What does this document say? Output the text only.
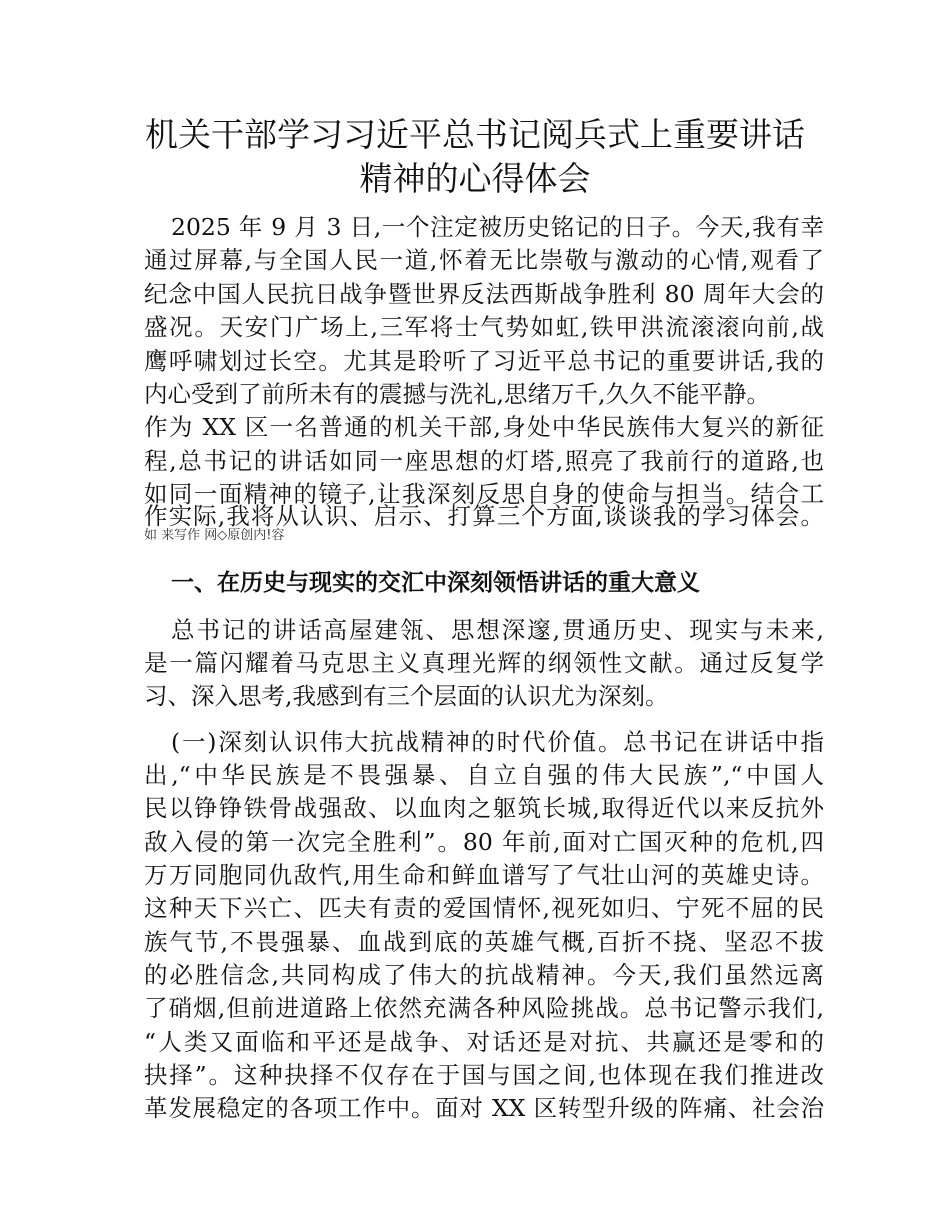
机关干部学习习近平总书记阅兵式上重要讲话
精神的心得体会

2025 年 9 月 3 日,一个注定被历史铭记的日子。今天,我有幸

通过屏幕,与全国人民一道,怀着无比崇敬与激动的心情,观看了

纪念中国人民抗日战争暨世界反法西斯战争胜利 80 周年大会的

盛况。天安门广场上,三军将士气势如虹,铁甲洪流滚滚向前,战

鹰呼啸划过长空。尤其是聆听了习近平总书记的重要讲话,我的

内心受到了前所未有的震撼与洗礼,思绪万千,久久不能平静。

作为 XX 区一名普通的机关干部,身处中华民族伟大复兴的新征

程,总书记的讲话如同一座思想的灯塔,照亮了我前行的道路,也

如同一面精神的镜子,让我深刻反思自身的使命与担当。结合工

作实际,我将从认识、启示、打算三个方面,谈谈我的学习体会。

如 来写作 网◇原创内!容

一、在历史与现实的交汇中深刻领悟讲话的重大意义

总书记的讲话高屋建瓴、思想深邃,贯通历史、现实与未来,

是一篇闪耀着马克思主义真理光辉的纲领性文献。通过反复学

习、深入思考,我感到有三个层面的认识尤为深刻。

(一)深刻认识伟大抗战精神的时代价值。总书记在讲话中指

出,“中华民族是不畏强暴、自立自强的伟大民族”,“中国人

民以铮铮铁骨战强敌、以血肉之躯筑长城,取得近代以来反抗外

敌入侵的第一次完全胜利”。80 年前,面对亡国灭种的危机,四

万万同胞同仇敌忾,用生命和鲜血谱写了气壮山河的英雄史诗。

这种天下兴亡、匹夫有责的爱国情怀,视死如归、宁死不屈的民

族气节,不畏强暴、血战到底的英雄气概,百折不挠、坚忍不拔

的必胜信念,共同构成了伟大的抗战精神。今天,我们虽然远离

了硝烟,但前进道路上依然充满各种风险挑战。总书记警示我们,

“人类又面临和平还是战争、对话还是对抗、共赢还是零和的

抉择”。这种抉择不仅存在于国与国之间,也体现在我们推进改

革发展稳定的各项工作中。面对 XX 区转型升级的阵痛、社会治
